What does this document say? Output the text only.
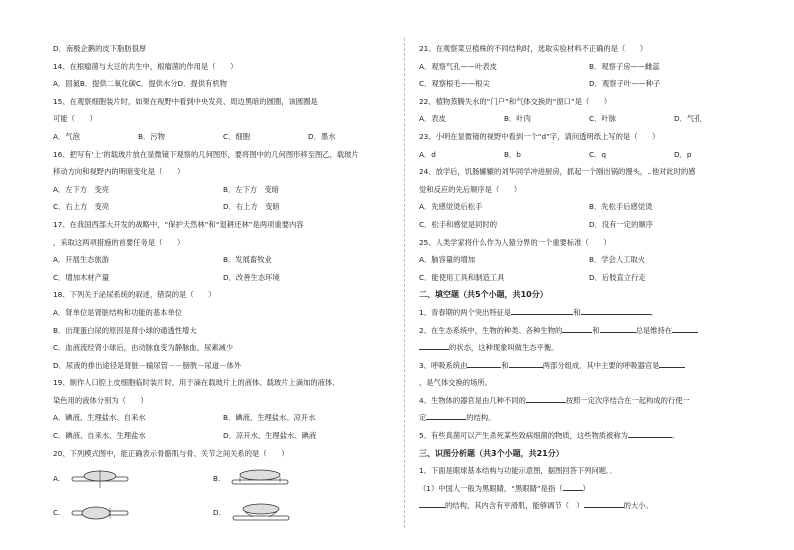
D．南极企鹅的皮下脂肪很厚
14、在根瘤菌与大豆的共生中，根瘤菌的作用是（　　）
A．固氮B．提供二氧化碳C．提供水分D．提供有机物
15、在观察细胞装片时，如果在视野中看到中央发亮、周边黑暗的圆圈，该圆圈是
可能（　　）
A．气泡	B．污物	C．细胞	D．墨水
16、把写有‘上’的载玻片放在显微镜下观察的几何图形，要将图中的几何图形移至图乙，载玻片
移动方向和视野内的明暗变化是（　　）
A．左下方　变亮	B．左下方　变暗
C．右上方　变亮	D．右上方　变暗
17、在我国西部大开发的战略中，“保护天然林”和“退耕还林”是两项重要内容
，采取这两项措施的首要任务是（　　）
A．开展生态旅游	B．发展畜牧业
C．增加木材产量	D．改善生态环境
18、下列关于泌尿系统的叙述，错误的是（　　）
A．肾单位是肾脏结构和功能的基本单位
B．出现蛋白尿的原因是肾小球的通透性增大
C．血液流经肾小球后，由动脉血变为静脉血，尿素减少
D．尿液的排出途径是肾脏－输尿管－－膀胱－尿道－体外
19、制作人口腔上皮细胞临时装片时，用于滴在载玻片上的液体、载玻片上滴加的液体、
染色用的液体分别为（　　）
A．碘液、生理盐水、自来水	B．碘液、生理盐水、凉开水
C．碘液、自来水、生理盐水	D．凉开水、生理盐水、碘液
20、下列模式图中，能正确表示骨骼肌与骨、关节之间关系的是（　　）
A.	B.
C.	D.
21、在观察菜豆植株的不同结构时，选取实验材料不正确的是（　　）
A．观察气孔——叶表皮	B．观察子房——雌蕊
C．观察根毛——根尖	D．观察子叶——种子
22、植物蒸腾失水的“门户”和气体交换的“窗口”是（　　）
A．表皮	B．叶肉	C．叶脉	D．气孔
23、小明在显微镜的视野中看到一个“d”字，请问透明纸上写的是（　　）
A．d	B．b	C．q	D．p
24、放学后，饥肠辘辘的刘华同学冲进厨房，抓起一个刚出锅的馒头，..他对此时的感
觉和反应的先后顺序是（　　）
A．先感觉烫后松手	B．先松手后感觉烫
C．松手和感觉是同时的	D．没有一定的顺序
25、人类学家将什么作为人猿分界的一个重要标准（　　）
A．脑容量的增加	B．学会人工取火
C．能使用工具和制造工具	D．后肢直立行走
二、填空题（共5个小题，共10分）
1、青春期的两个突出特征是	和	。
2、在生态系统中，生物的种类、各种生物的	和	总是维持在
的状态，这种现象叫做生态平衡。
3、呼吸系统由	和	两部分组成．其中主要的呼吸器官是
，是气体交换的场所。
4、生物体的器官是由几种不同的	按照一定次序结合在一起构成的行使一
定	的结构。
5、有些真菌可以产生杀死某些致病细菌的物质，这些物质被称为	。
三、识图分析题（共3个小题，共21分）
1、下面是眼球基本结构与功能示意图，据图回答下列问题．．
（1）中国人一般为黑眼睛，“黑眼睛”是指（	）
的结构，其内含有平滑肌，能够调节（　）	的大小。
